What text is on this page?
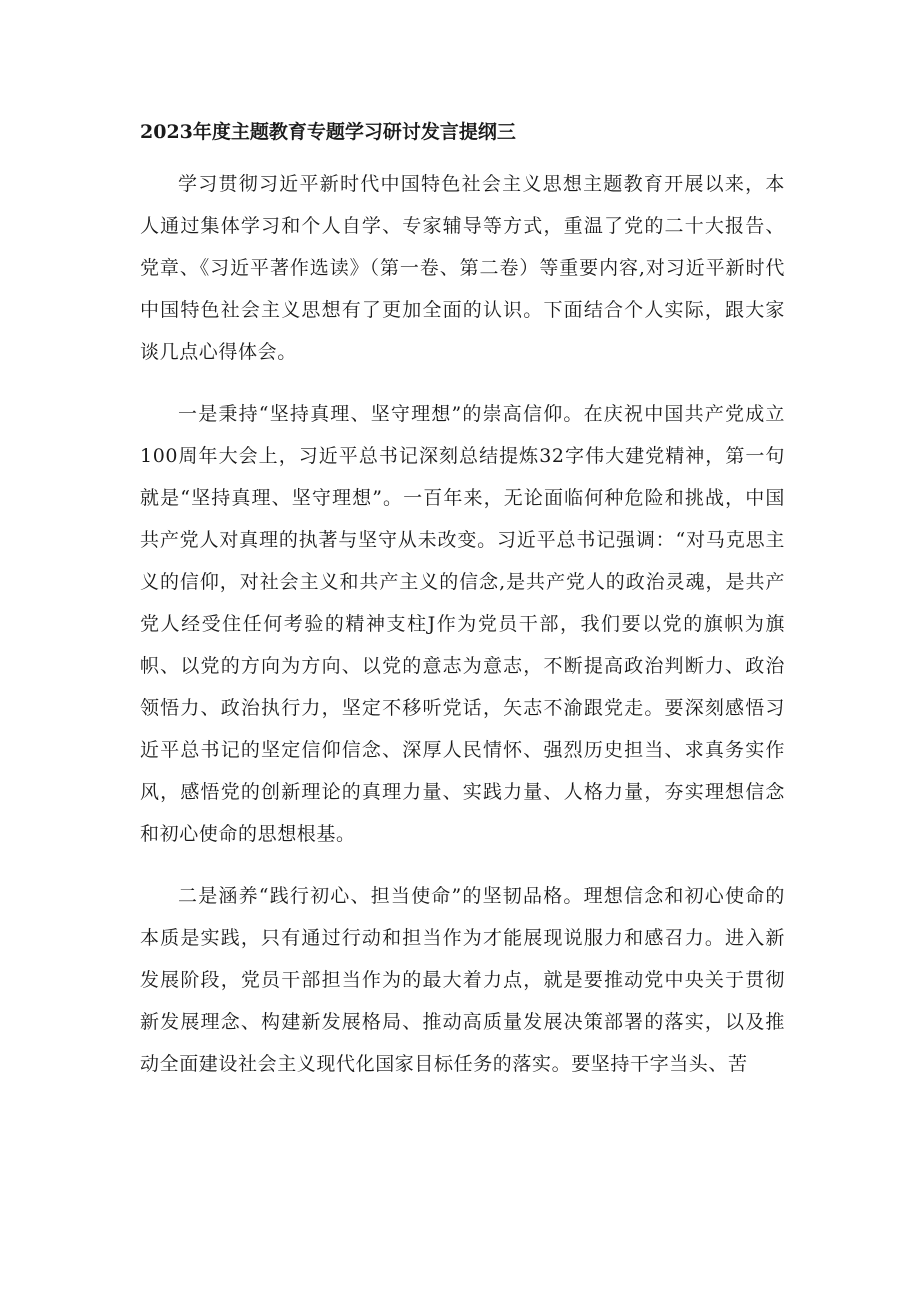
2023年度主题教育专题学习研讨发言提纲三

学习贯彻习近平新时代中国特色社会主义思想主题教育开展以来，本人通过集体学习和个人自学、专家辅导等方式，重温了党的二十大报告、党章、《习近平著作选读》（第一卷、第二卷）等重要内容,对习近平新时代中国特色社会主义思想有了更加全面的认识。下面结合个人实际，跟大家谈几点心得体会。

一是秉持“坚持真理、坚守理想”的崇高信仰。在庆祝中国共产党成立100周年大会上，习近平总书记深刻总结提炼32字伟大建党精神，第一句就是“坚持真理、坚守理想”。一百年来，无论面临何种危险和挑战，中国共产党人对真理的执著与坚守从未改变。习近平总书记强调：“对马克思主义的信仰，对社会主义和共产主义的信念,是共产党人的政治灵魂，是共产党人经受住任何考验的精神支柱J作为党员干部，我们要以党的旗帜为旗帜、以党的方向为方向、以党的意志为意志，不断提高政治判断力、政治领悟力、政治执行力，坚定不移听党话，矢志不渝跟党走。要深刻感悟习近平总书记的坚定信仰信念、深厚人民情怀、强烈历史担当、求真务实作风，感悟党的创新理论的真理力量、实践力量、人格力量，夯实理想信念和初心使命的思想根基。

二是涵养“践行初心、担当使命”的坚韧品格。理想信念和初心使命的本质是实践，只有通过行动和担当作为才能展现说服力和感召力。进入新发展阶段，党员干部担当作为的最大着力点，就是要推动党中央关于贯彻新发展理念、构建新发展格局、推动高质量发展决策部署的落实，以及推动全面建设社会主义现代化国家目标任务的落实。要坚持干字当头、苦
